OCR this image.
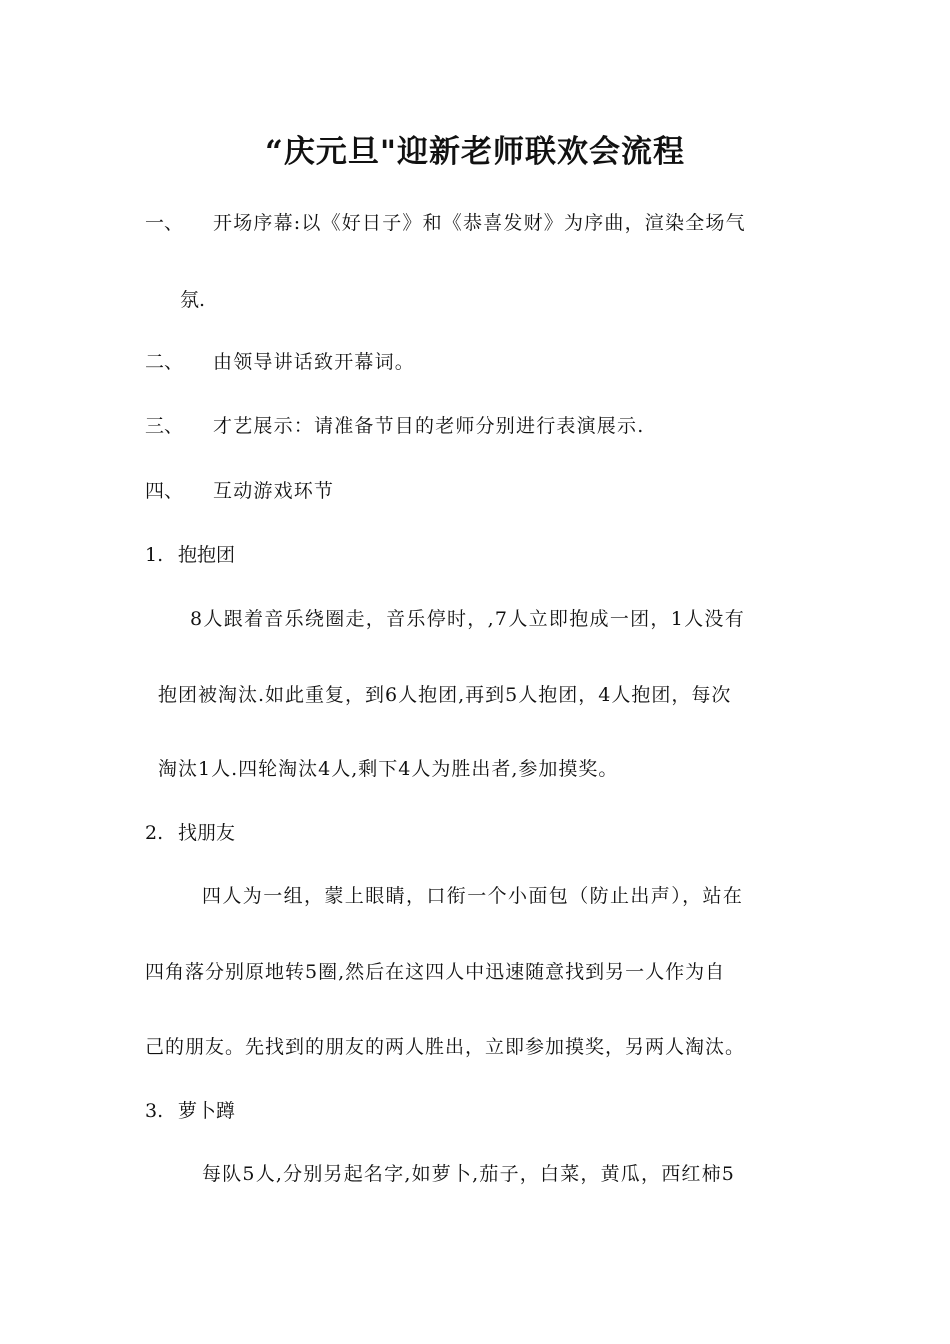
“庆元旦"迎新老师联欢会流程
一、 开场序幕:以《好日子》和《恭喜发财》为序曲，渲染全场气
氛.
二、 由领导讲话致开幕词。
三、 才艺展示：请准备节目的老师分别进行表演展示.
四、 互动游戏环节
1. 抱抱团
8人跟着音乐绕圈走，音乐停时，,7人立即抱成一团，1人没有
抱团被淘汰.如此重复，到6人抱团,再到5人抱团，4人抱团，每次
淘汰1人.四轮淘汰4人,剩下4人为胜出者,参加摸奖。
2. 找朋友
四人为一组，蒙上眼睛，口衔一个小面包（防止出声），站在
四角落分别原地转5圈,然后在这四人中迅速随意找到另一人作为自
己的朋友。先找到的朋友的两人胜出，立即参加摸奖，另两人淘汰。
3. 萝卜蹲
每队5人,分别另起名字,如萝卜,茄子，白菜，黄瓜，西红柿5
